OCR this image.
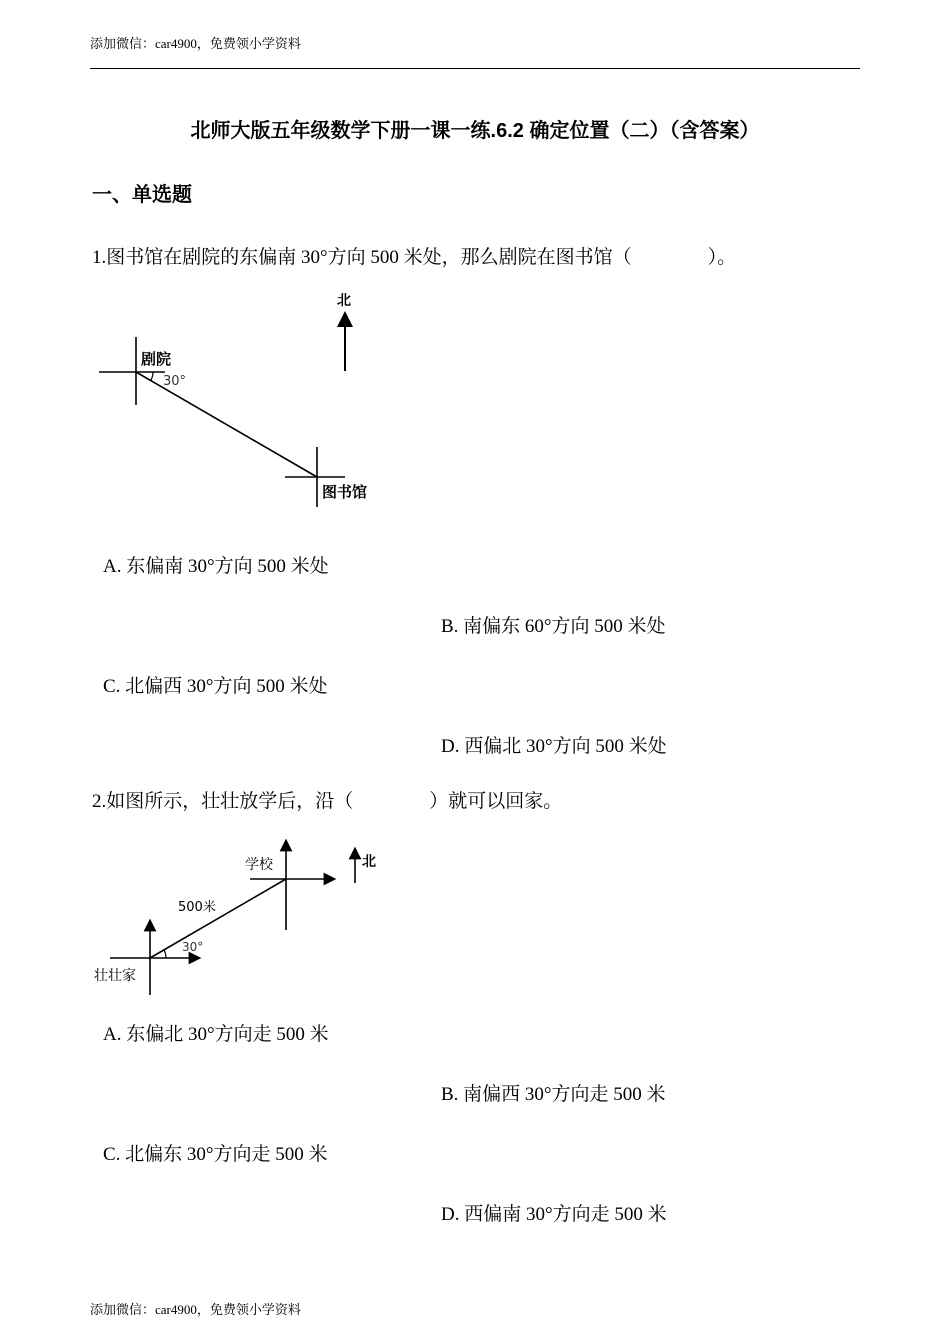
添加微信：car4900，免费领小学资料
北师大版五年级数学下册一课一练.6.2 确定位置（二）（含答案）
一、单选题
1.图书馆在剧院的东偏南 30°方向 500 米处，那么剧院在图书馆（　　　　）。
北
剧院
30°
图书馆
A. 东偏南 30°方向 500 米处
B. 南偏东 60°方向 500 米处
C. 北偏西 30°方向 500 米处
D. 西偏北 30°方向 500 米处
2.如图所示，壮壮放学后，沿（　　　　）就可以回家。
学校	北
500米
30°
壮壮家
A. 东偏北 30°方向走 500 米
B. 南偏西 30°方向走 500 米
C. 北偏东 30°方向走 500 米
D. 西偏南 30°方向走 500 米
添加微信：car4900，免费领小学资料
